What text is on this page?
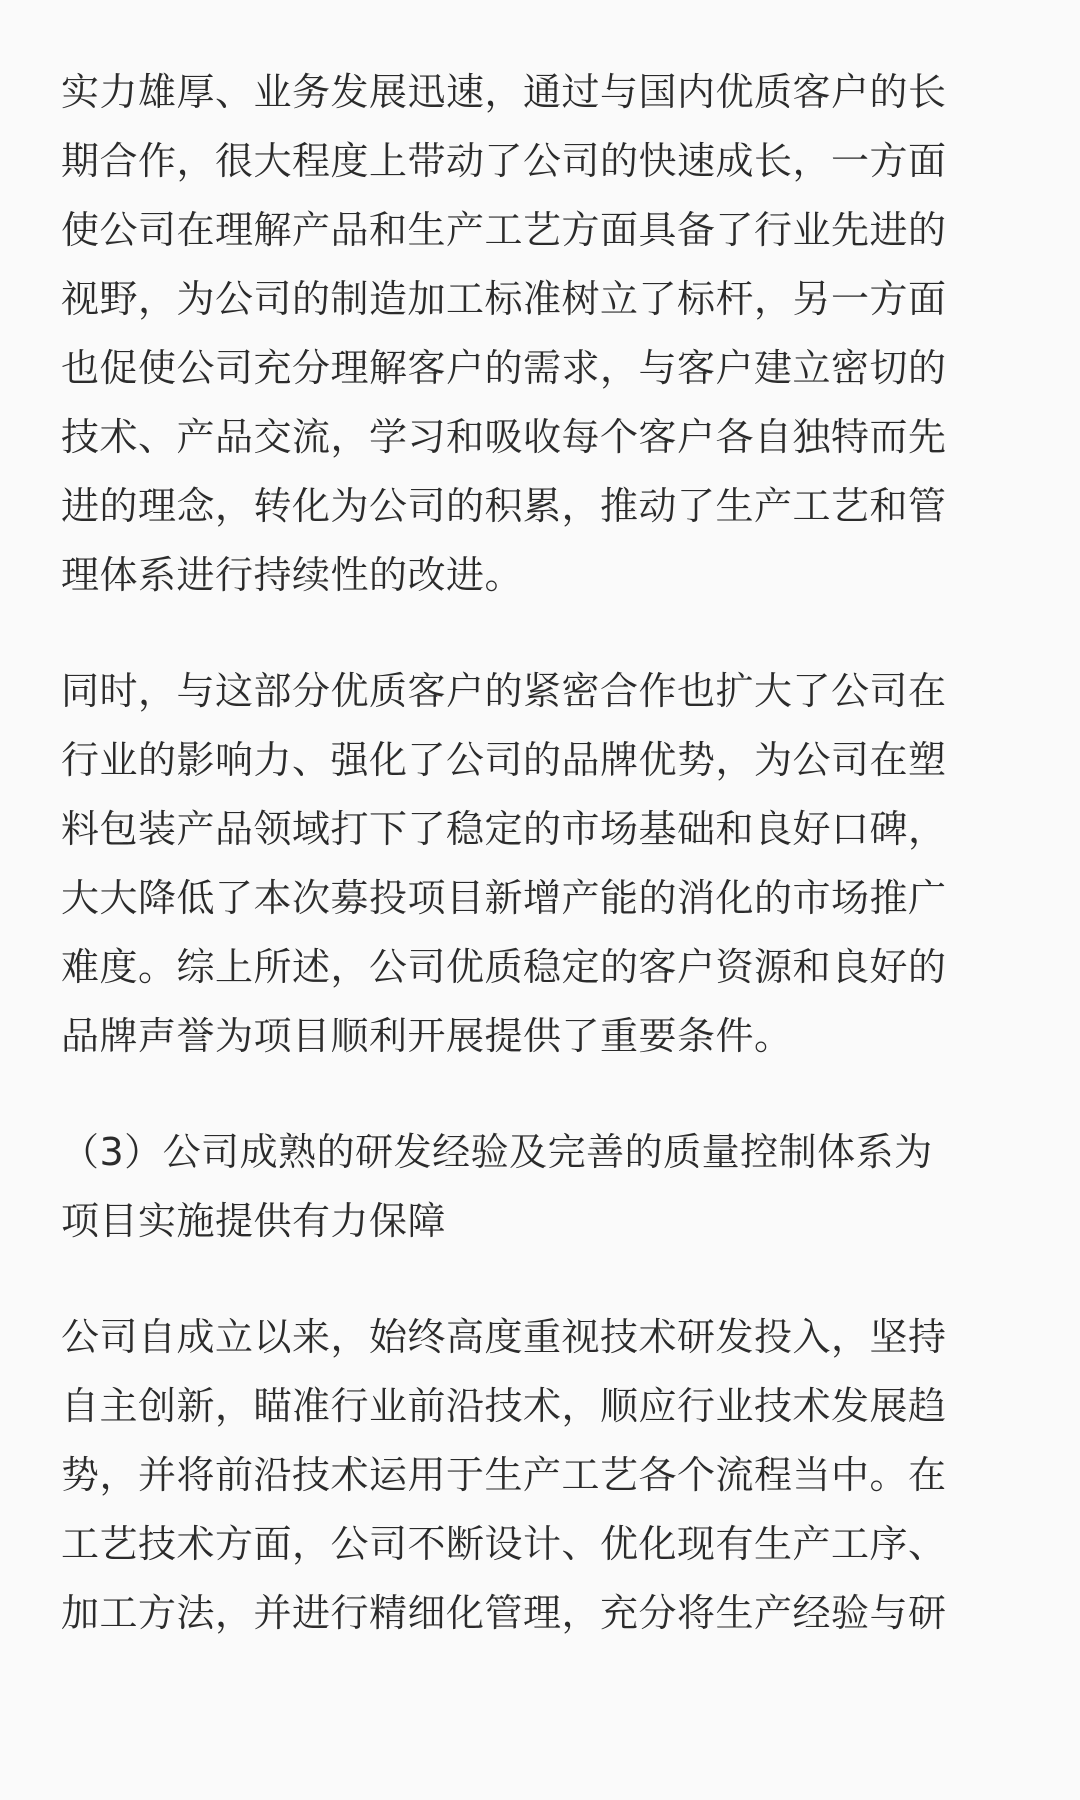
实力雄厚、业务发展迅速，通过与国内优质客户的长
期合作，很大程度上带动了公司的快速成长，一方面
使公司在理解产品和生产工艺方面具备了行业先进的
视野，为公司的制造加工标准树立了标杆，另一方面
也促使公司充分理解客户的需求，与客户建立密切的
技术、产品交流，学习和吸收每个客户各自独特而先
进的理念，转化为公司的积累，推动了生产工艺和管
理体系进行持续性的改进。
同时，与这部分优质客户的紧密合作也扩大了公司在
行业的影响力、强化了公司的品牌优势，为公司在塑
料包装产品领域打下了稳定的市场基础和良好口碑，
大大降低了本次募投项目新增产能的消化的市场推广
难度。综上所述，公司优质稳定的客户资源和良好的
品牌声誉为项目顺利开展提供了重要条件。
（3）公司成熟的研发经验及完善的质量控制体系为
项目实施提供有力保障
公司自成立以来，始终高度重视技术研发投入，坚持
自主创新，瞄准行业前沿技术，顺应行业技术发展趋
势，并将前沿技术运用于生产工艺各个流程当中。在
工艺技术方面，公司不断设计、优化现有生产工序、
加工方法，并进行精细化管理，充分将生产经验与研
